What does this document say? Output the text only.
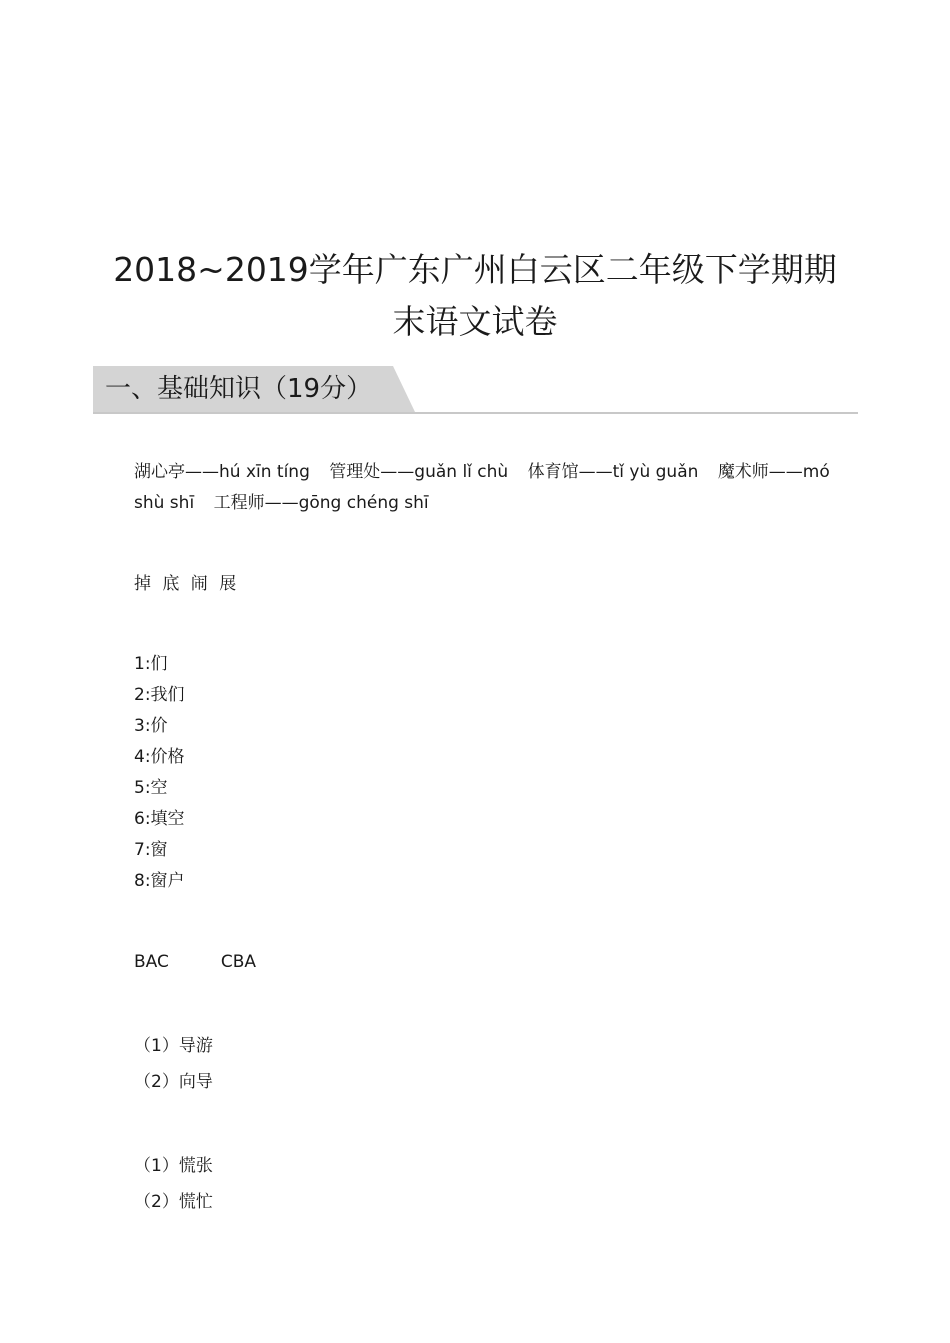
2018~2019学年广东广州白云区二年级下学期期
末语文试卷
一、基础知识（19分）
湖心亭——hú xīn tíng 管理处——guǎn lǐ chù 体育馆——tǐ yù guǎn 魔术师——mó shù shī 工程师——gōng chéng shī
掉 底 闹 展
1:们
2:我们
3:价
4:价格
5:空
6:填空
7:窗
8:窗户
BAC	CBA
（1）导游
（2）向导
（1）慌张
（2）慌忙
